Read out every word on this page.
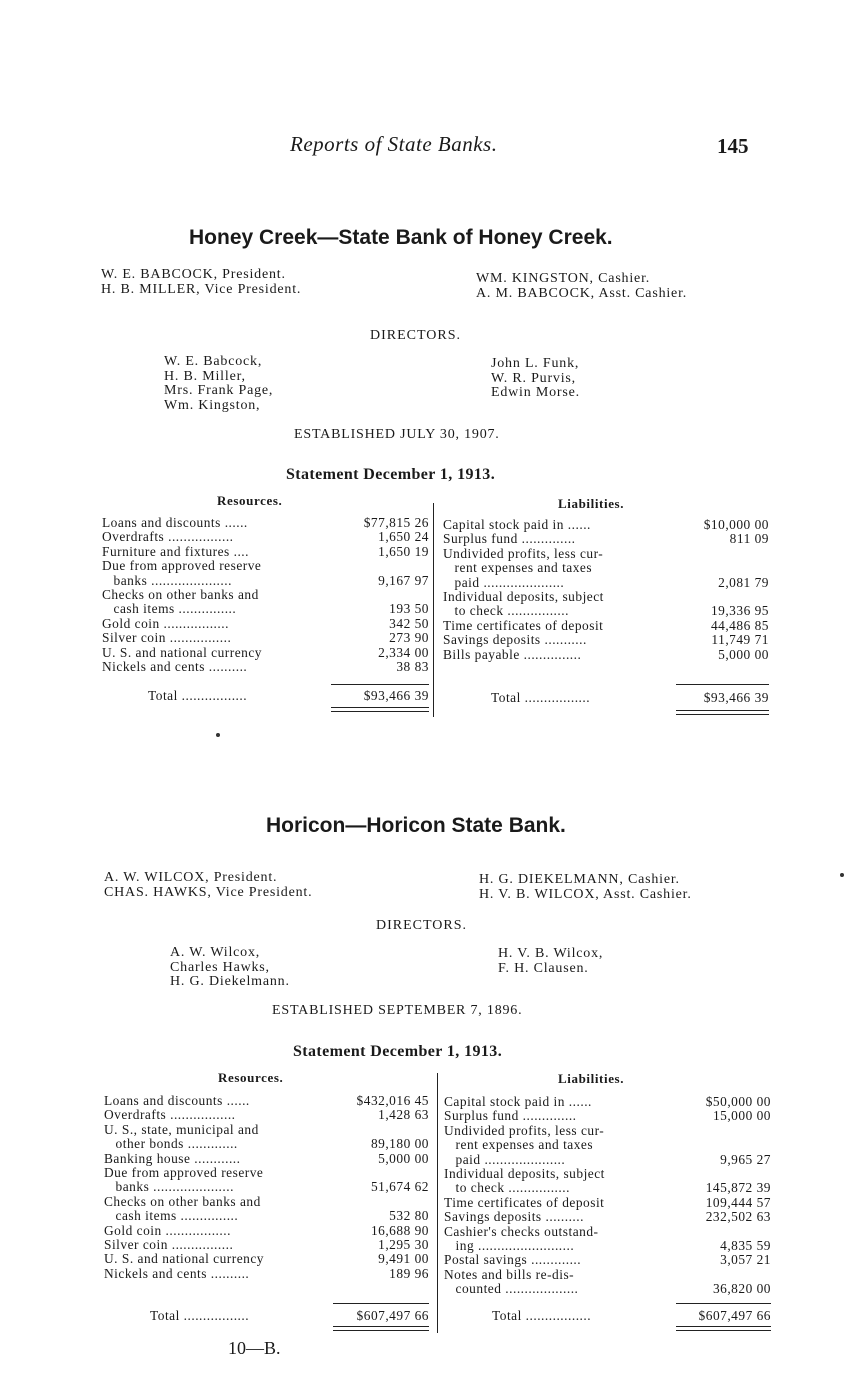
Reports of State Banks.	145
Honey Creek—State Bank of Honey Creek.
W. E. BABCOCK, President.
H. B. MILLER, Vice President.
WM. KINGSTON, Cashier.
A. M. BABCOCK, Asst. Cashier.
DIRECTORS.
W. E. Babcock,
H. B. Miller,
Mrs. Frank Page,
Wm. Kingston,
John L. Funk,
W. R. Purvis,
Edwin Morse.
ESTABLISHED JULY 30, 1907.
Statement December 1, 1913.
Resources.	Liabilities.
Loans and discounts ......	$77,815 26
Overdrafts .................	1,650 24
Furniture and fixtures ....	1,650 19
Due from approved reserve
banks .....................	9,167 97
Checks on other banks and
cash items ...............	193 50
Gold coin .................	342 50
Silver coin ................	273 90
U. S. and national currency	2,334 00
Nickels and cents ..........	38 83
Capital stock paid in ......	$10,000 00
Surplus fund ..............	811 09
Undivided profits, less cur-
rent expenses and taxes
paid .....................	2,081 79
Individual deposits, subject
to check ................	19,336 95
Time certificates of deposit	44,486 85
Savings deposits ...........	11,749 71
Bills payable ...............	5,000 00
Total .................	$93,466 39	Total .................	$93,466 39
Horicon—Horicon State Bank.
A. W. WILCOX, President.
CHAS. HAWKS, Vice President.
H. G. DIEKELMANN, Cashier.
H. V. B. WILCOX, Asst. Cashier.
DIRECTORS.
A. W. Wilcox,
Charles Hawks,
H. G. Diekelmann.
H. V. B. Wilcox,
F. H. Clausen.
ESTABLISHED SEPTEMBER 7, 1896.
Statement December 1, 1913.
Resources.	Liabilities.
Loans and discounts ......	$432,016 45
Overdrafts .................	1,428 63
U. S., state, municipal and
other bonds .............	89,180 00
Banking house ............	5,000 00
Due from approved reserve
banks .....................	51,674 62
Checks on other banks and
cash items ...............	532 80
Gold coin .................	16,688 90
Silver coin ................	1,295 30
U. S. and national currency	9,491 00
Nickels and cents ..........	189 96
Capital stock paid in ......	$50,000 00
Surplus fund ..............	15,000 00
Undivided profits, less cur-
rent expenses and taxes
paid .....................	9,965 27
Individual deposits, subject
to check ................	145,872 39
Time certificates of deposit	109,444 57
Savings deposits ..........	232,502 63
Cashier's checks outstand-
ing .........................	4,835 59
Postal savings .............	3,057 21
Notes and bills re-dis-
counted ...................	36,820 00
Total .................	$607,497 66	Total .................	$607,497 66
10—B.
